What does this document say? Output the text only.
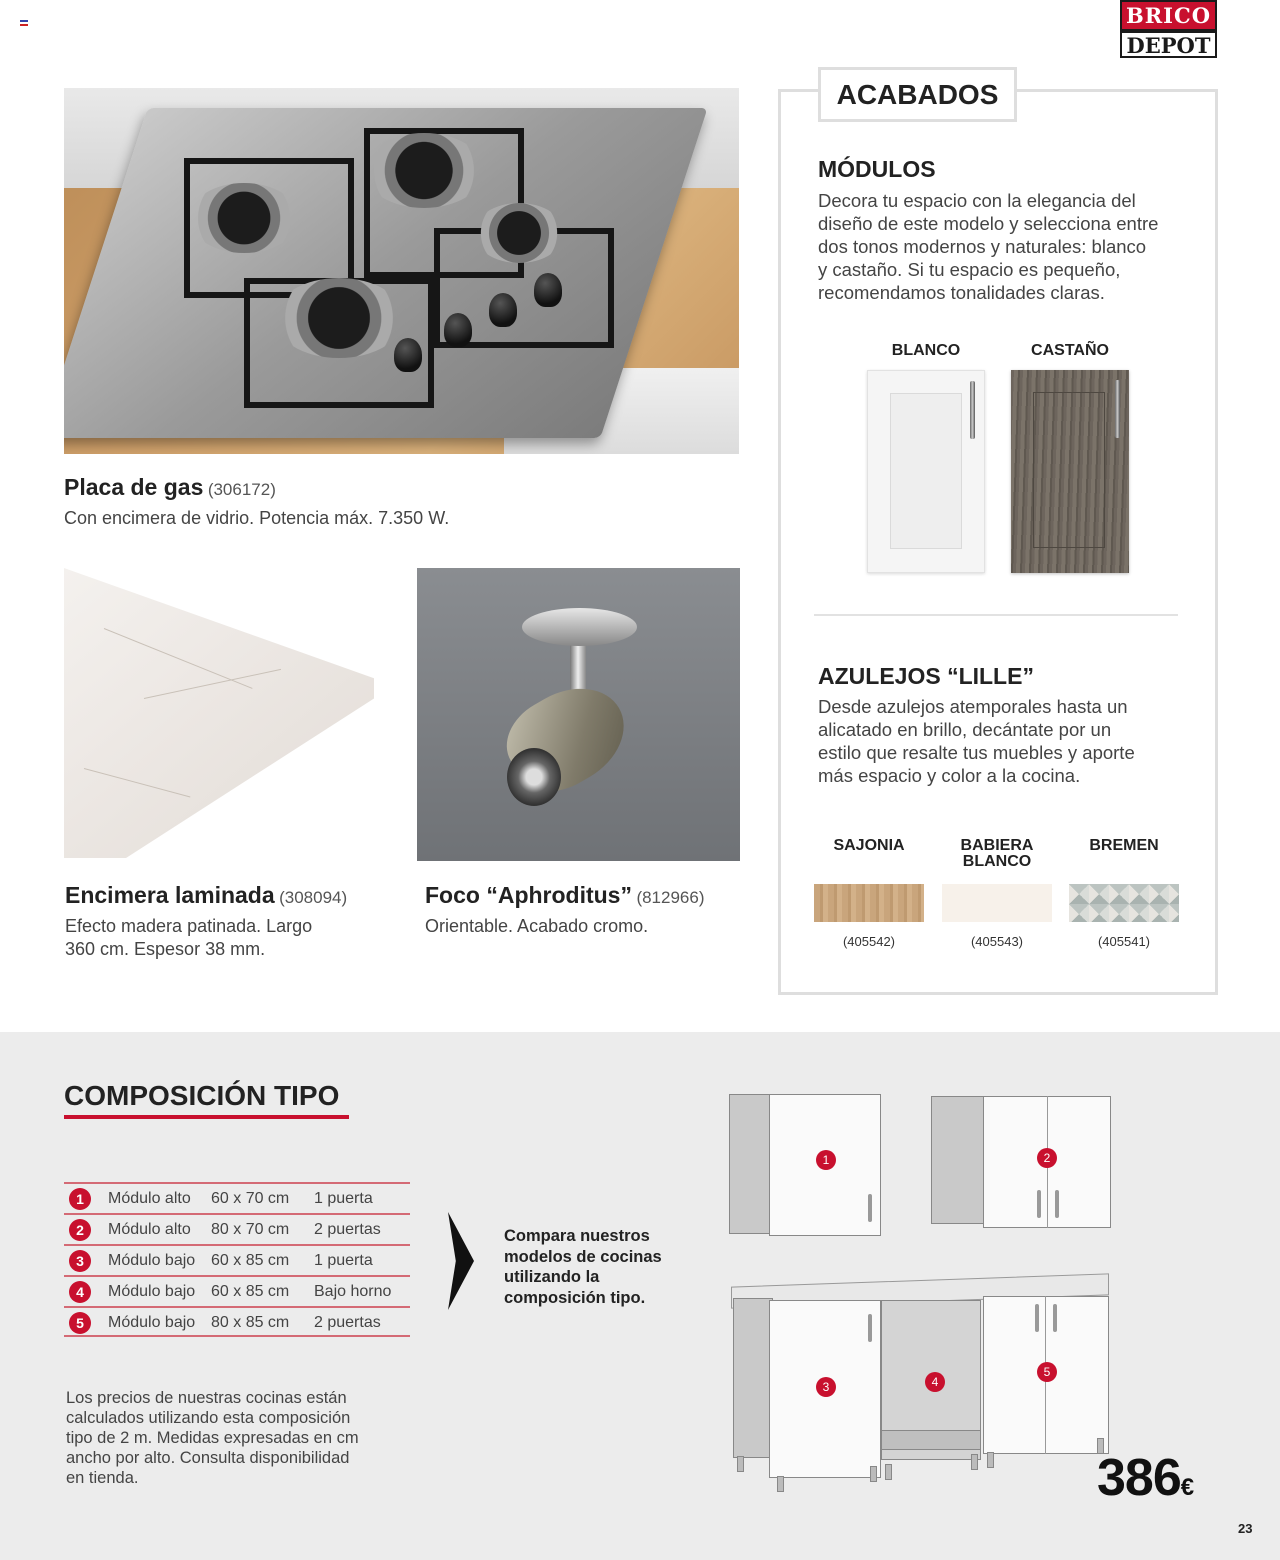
BRICO
DEPOT
Placa de gas (306172)
Con encimera de vidrio. Potencia máx. 7.350 W.
Encimera laminada (308094)
Efecto madera patinada. Largo
360 cm. Espesor 38 mm.
Foco “Aphroditus” (812966)
Orientable. Acabado cromo.
ACABADOS
MÓDULOS
Decora tu espacio con la elegancia del
diseño de este modelo y selecciona entre
dos tonos modernos y naturales: blanco
y castaño. Si tu espacio es pequeño,
recomendamos tonalidades claras.
BLANCO	CASTAÑO
AZULEJOS “LILLE”
Desde azulejos atemporales hasta un
alicatado en brillo, decántate por un
estilo que resalte tus muebles y aporte
más espacio y color a la cocina.
SAJONIA	BABIERA
BLANCO
BREMEN
(405542)	(405543)	(405541)
COMPOSICIÓN TIPO
1	Módulo alto 60 x 70 cm 1 puerta
2	Módulo alto 80 x 70 cm 2 puertas
3	Módulo bajo 60 x 85 cm 1 puerta
4	Módulo bajo 60 x 85 cm Bajo horno
5	Módulo bajo 80 x 85 cm 2 puertas
Los precios de nuestras cocinas están
calculados utilizando esta composición
tipo de 2 m. Medidas expresadas en cm
ancho por alto. Consulta disponibilidad
en tienda.
Compara nuestros
modelos de cocinas
utilizando la
composición tipo.
1	2
3	4
5
386€
23
